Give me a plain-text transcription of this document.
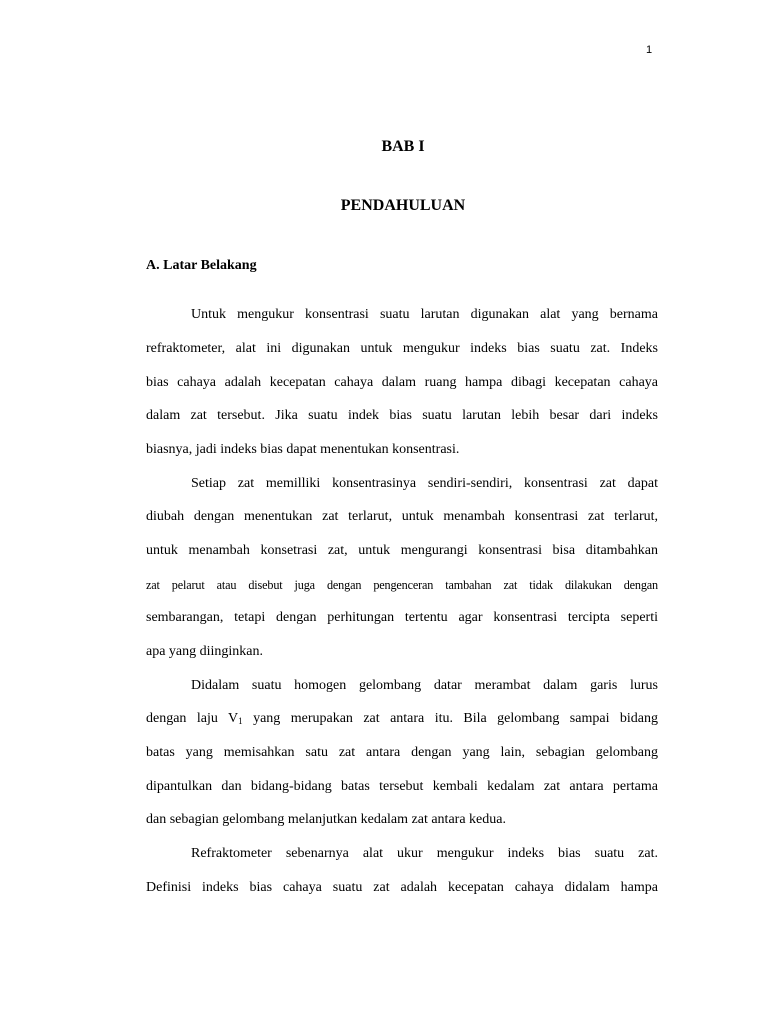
1
BAB I
PENDAHULUAN
A. Latar Belakang
Untuk mengukur konsentrasi suatu larutan digunakan alat yang bernama
refraktometer, alat ini digunakan untuk mengukur indeks bias suatu zat. Indeks
bias cahaya adalah kecepatan cahaya dalam ruang hampa dibagi kecepatan cahaya
dalam zat tersebut. Jika suatu indek bias suatu larutan lebih besar dari indeks
biasnya, jadi indeks bias dapat menentukan konsentrasi.
Setiap zat memilliki konsentrasinya sendiri-sendiri, konsentrasi zat dapat
diubah dengan menentukan zat terlarut, untuk menambah konsentrasi zat terlarut,
untuk menambah konsetrasi zat, untuk mengurangi konsentrasi bisa ditambahkan
zat pelarut atau disebut juga dengan pengenceran tambahan zat tidak dilakukan dengan
sembarangan, tetapi dengan perhitungan tertentu agar konsentrasi tercipta seperti
apa yang diinginkan.
Didalam suatu homogen gelombang datar merambat dalam garis lurus
dengan laju $V_1$ yang merupakan zat antara itu. Bila gelombang sampai bidang
batas yang memisahkan satu zat antara dengan yang lain, sebagian gelombang
dipantulkan dan bidang-bidang batas tersebut kembali kedalam zat antara pertama
dan sebagian gelombang melanjutkan kedalam zat antara kedua.
Refraktometer sebenarnya alat ukur mengukur indeks bias suatu zat.
Definisi indeks bias cahaya suatu zat adalah kecepatan cahaya didalam hampa
